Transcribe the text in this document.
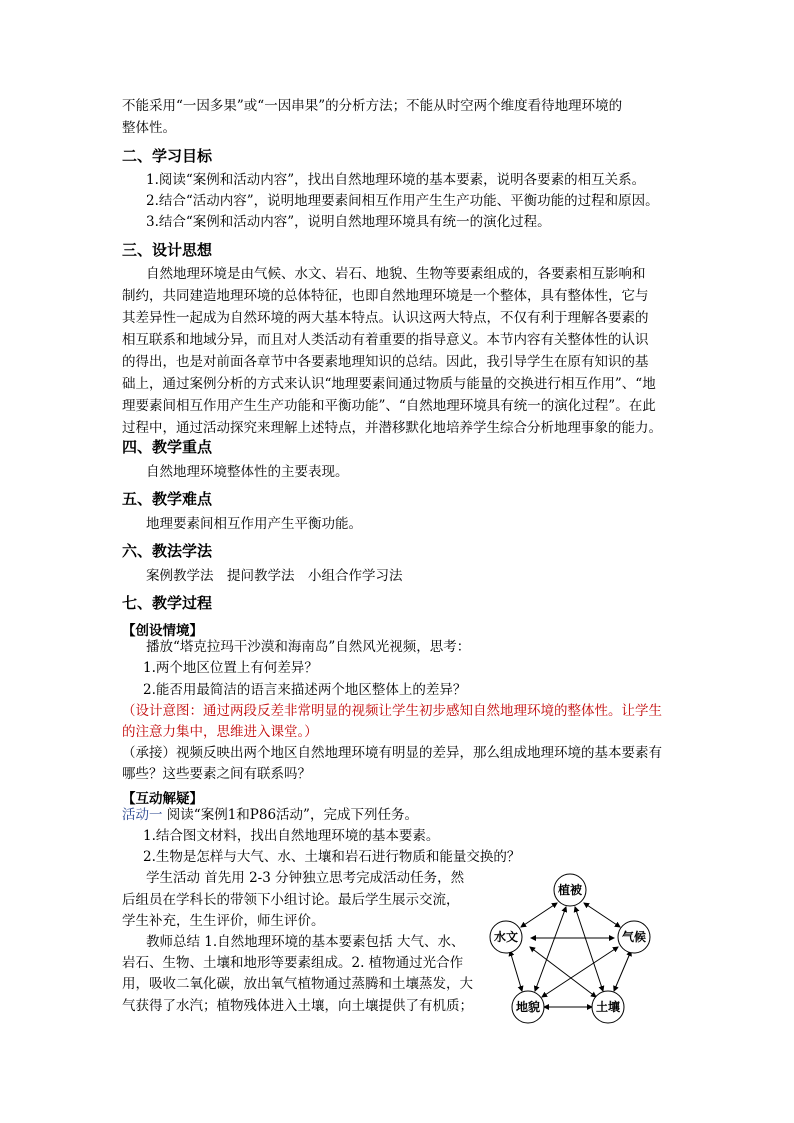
不能采用“一因多果”或“一因串果”的分析方法；不能从时空两个维度看待地理环境的
整体性。
二、学习目标
1.阅读“案例和活动内容”，找出自然地理环境的基本要素，说明各要素的相互关系。
2.结合“活动内容”，说明地理要素间相互作用产生生产功能、平衡功能的过程和原因。
3.结合“案例和活动内容”，说明自然地理环境具有统一的演化过程。
三、设计思想
自然地理环境是由气候、水文、岩石、地貌、生物等要素组成的，各要素相互影响和
制约，共同建造地理环境的总体特征，也即自然地理环境是一个整体，具有整体性，它与
其差异性一起成为自然环境的两大基本特点。认识这两大特点，不仅有利于理解各要素的
相互联系和地域分异，而且对人类活动有着重要的指导意义。本节内容有关整体性的认识
的得出，也是对前面各章节中各要素地理知识的总结。因此，我引导学生在原有知识的基
础上，通过案例分析的方式来认识“地理要素间通过物质与能量的交换进行相互作用”、“地
理要素间相互作用产生生产功能和平衡功能”、“自然地理环境具有统一的演化过程”。在此
过程中，通过活动探究来理解上述特点，并潜移默化地培养学生综合分析地理事象的能力。
四、教学重点
自然地理环境整体性的主要表现。
五、教学难点
地理要素间相互作用产生平衡功能。
六、教法学法
案例教学法　提问教学法　小组合作学习法
七、教学过程
【创设情境】
播放“塔克拉玛干沙漠和海南岛”自然风光视频，思考：
1.两个地区位置上有何差异？
2.能否用最简洁的语言来描述两个地区整体上的差异？
（设计意图：通过两段反差非常明显的视频让学生初步感知自然地理环境的整体性。让学生
的注意力集中，思维进入课堂。）
（承接）视频反映出两个地区自然地理环境有明显的差异，那么组成地理环境的基本要素有
哪些？这些要素之间有联系吗？
【互动解疑】
活动一 阅读“案例1和P86活动”，完成下列任务。
1.结合图文材料，找出自然地理环境的基本要素。
2.生物是怎样与大气、水、土壤和岩石进行物质和能量交换的？
学生活动 首先用 2-3 分钟独立思考完成活动任务，然
后组员在学科长的带领下小组讨论。最后学生展示交流，
学生补充，生生评价，师生评价。
教师总结 1.自然地理环境的基本要素包括 大气、水、
岩石、生物、土壤和地形等要素组成。2. 植物通过光合作
用，吸收二氧化碳，放出氧气植物通过蒸腾和土壤蒸发，大
气获得了水汽；植物残体进入土壤，向土壤提供了有机质；
植被
气候
土壤
地貌
水文
